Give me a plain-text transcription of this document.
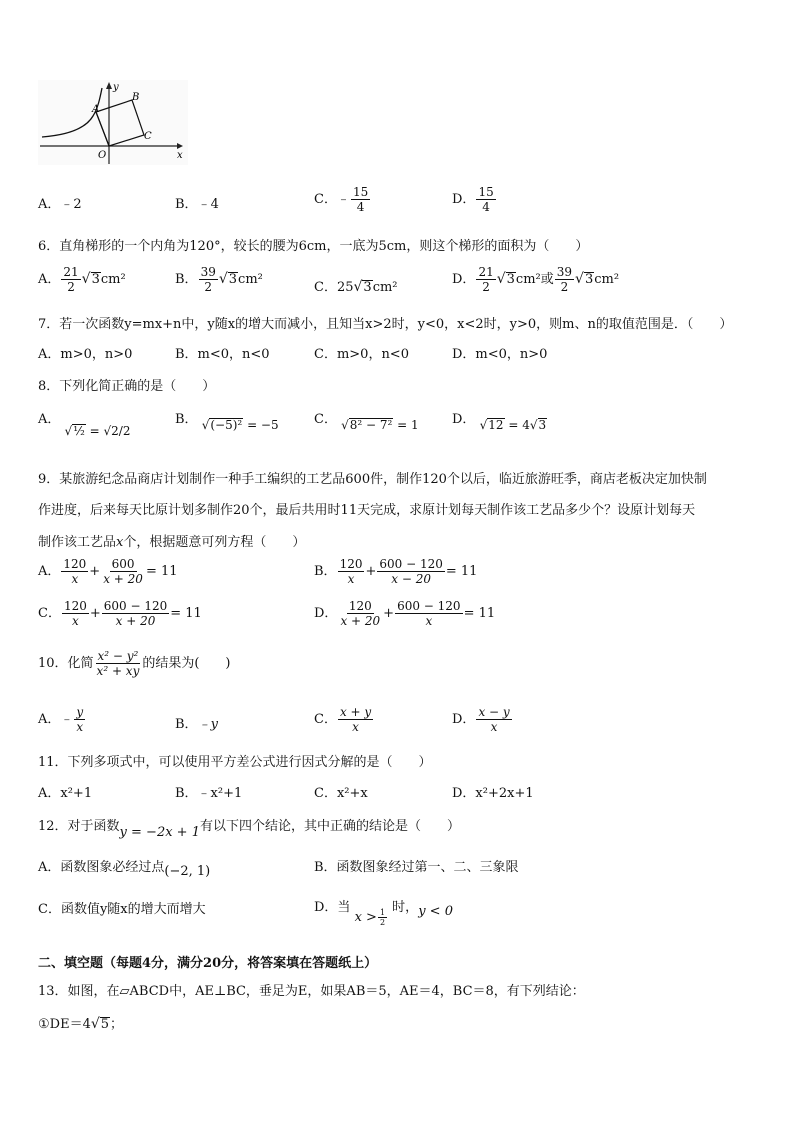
A
B
C
O
y
x
A．﹣2	B．﹣4	C．﹣ $\frac{15}{4}$	D． $\frac{15}{4}$
6．直角梯形的一个内角为120°，较长的腰为6cm，一底为5cm，则这个梯形的面积为（　　）
A． $\frac{21}{2} √3cm^2$	B． $\frac{39}{2} √3cm^2$
C．25√3cm²
D． $\frac{21}{2} √3cm^2$或 $\frac{39}{2} √3cm^2$
7．若一次函数y=mx+n中，y随x的增大而减小，且知当x>2时，y<0，x<2时，y>0，则m、n的取值范围是．（　　）
A．m>0，n>0	B．m<0，n<0	C．m>0，n<0	D．m<0，n>0
8．下列化简正确的是（　　）
A． √½ = √2/2
B． √(−5)² = −5	C． √8² − 7² = 1	D． √12 = 4√3
9．某旅游纪念品商店计划制作一种手工编织的工艺品600件，制作120个以后，临近旅游旺季，商店老板决定加快制
作进度，后来每天比原计划多制作20个，最后共用时11天完成，求原计划每天制作该工艺品多少个？设原计划每天
制作该工艺品x个，根据题意可列方程（　　）
A． $\frac{120}{x} + \frac{600}{x + 20} = 11$	B． $\frac{120}{x} + \frac{600 - 120}{x - 20} = 11$
C． $\frac{120}{x} + \frac{600 - 120}{x + 20} = 11$	D． $\frac{120}{x + 20} + \frac{600 - 120}{x} = 11$
10．化简 $\frac{\text{x² − y²}}{\text{x² + xy}}$ 的结果为(　　)
A．﹣ $\frac{y}{x}$	B．﹣y	C． $\frac{x + y}{x}$	D． $\frac{x - y}{x}$
11．下列多项式中，可以使用平方差公式进行因式分解的是（　　）
A．x²+1	B．﹣x²+1	C．x²+x	D．x²+2x+1
12．对于函数y = −2x + 1有以下四个结论，其中正确的结论是（　　）
A．函数图象必经过点(−2, 1)	B．函数图象经过第一、二、三象限
C．函数值y随x的增大而增大	D．当 $x > \frac{1}{2}$
时，y < 0
二、填空题（每题4分，满分20分，将答案填在答题纸上）
13．如图，在▱ABCD中，AE⊥BC，垂足为E，如果AB＝5，AE＝4，BC＝8，有下列结论：
①DE＝4√5；
